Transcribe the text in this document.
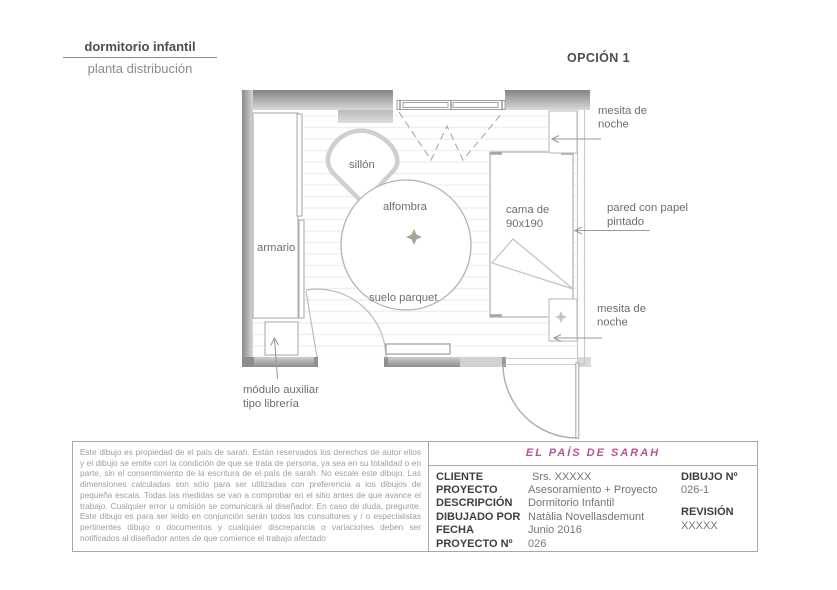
dormitorio infantil
planta distribución
OPCIÓN 1
sillón
alfombra
armario
cama de
90x190
suelo parquet
mesita de
noche
pared con papel
pintado
mesita de
noche
módulo auxiliar
tipo librería
Este dibujo es propiedad de el país de sarah. Están reservados los derechos de autor ellos y el dibujo se emite con la condición de que se trata de persona, ya sea en su totalidad o en parte, sin el consentimiento de la escritura de el país de sarah. No escale este dibujo. Las dimensiones calculadas son sólo para ser utilizadas con preferencia a los dibujos de pequeña escala. Todas las medidas se van a comprobar en el sitio antes de que avance el trabajo. Cualquier error u omisión se comunicará al diseñador. En caso de duda, pregunte. Este dibujo es para ser leido en conjunción serán todos los consultores y / o especialistas pertinentes dibujo o documentos y cualquier discrepancia o variaciones deben ser notificados al diseñador antes de que comience el trabajo afectado
EL PAÍS DE SARAH
CLIENTE	Srs. XXXXX
PROYECTO	Asesoramiento + Proyecto
DESCRIPCIÓN	Dormitorio Infantil
DIBUJADO POR Natàlia Novellasdemunt
FECHA	Junio 2016
PROYECTO Nº	026
DIBUJO Nº
026-1
REVISIÓN
XXXXX
